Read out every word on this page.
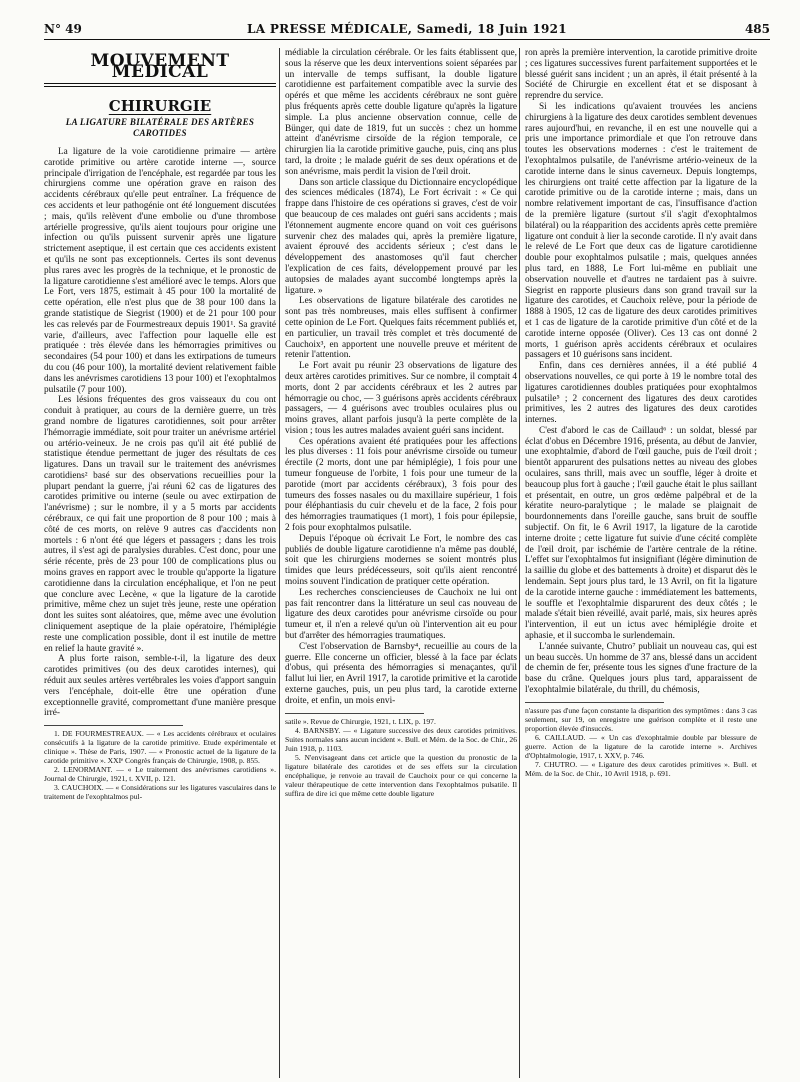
N° 49	LA PRESSE MÉDICALE, Samedi, 18 Juin 1921	485
MOUVEMENT MÉDICAL
CHIRURGIE
LA LIGATURE BILATÉRALE DES ARTÈRES CAROTIDES

La ligature de la voie carotidienne primaire — artère carotide primitive ou artère carotide interne —, source principale d'irrigation de l'encéphale, est regardée par tous les chirurgiens comme une opération grave en raison des accidents cérébraux qu'elle peut entraîner. La fréquence de ces accidents et leur pathogénie ont été longuement discutées ; mais, qu'ils relèvent d'une embolie ou d'une thrombose artérielle progressive, qu'ils aient toujours pour origine une infection ou qu'ils puissent survenir après une ligature strictement aseptique, il est certain que ces accidents existent et qu'ils ne sont pas exceptionnels. Certes ils sont devenus plus rares avec les progrès de la technique, et le pronostic de la ligature carotidienne s'est amélioré avec le temps. Alors que Le Fort, vers 1875, estimait à 45 pour 100 la mortalité de cette opération, elle n'est plus que de 38 pour 100 dans la grande statistique de Siegrist (1900) et de 21 pour 100 pour les cas relevés par de Fourmestreaux depuis 1901¹. Sa gravité varie, d'ailleurs, avec l'affection pour laquelle elle est pratiquée : très élevée dans les hémorragies primitives ou secondaires (54 pour 100) et dans les extirpations de tumeurs du cou (46 pour 100), la mortalité devient relativement faible dans les anévrismes carotidiens 13 pour 100) et l'exophtalmos pulsatile (7 pour 100).

Les lésions fréquentes des gros vaisseaux du cou ont conduit à pratiquer, au cours de la dernière guerre, un très grand nombre de ligatures carotidiennes, soit pour arrêter l'hémorragie immédiate, soit pour traiter un anévrisme artériel ou artério-veineux. Je ne crois pas qu'il ait été publié de statistique étendue permettant de juger des résultats de ces ligatures. Dans un travail sur le traitement des anévrismes carotidiens² basé sur des observations recueillies pour la plupart pendant la guerre, j'ai réuni 62 cas de ligatures des carotides primitive ou interne (seule ou avec extirpation de l'anévrisme) ; sur le nombre, il y a 5 morts par accidents cérébraux, ce qui fait une proportion de 8 pour 100 ; mais à côté de ces morts, on relève 9 autres cas d'accidents non mortels : 6 n'ont été que légers et passagers ; dans les trois autres, il s'est agi de paralysies durables. C'est donc, pour une série récente, près de 23 pour 100 de complications plus ou moins graves en rapport avec le trouble qu'apporte la ligature carotidienne dans la circulation encéphalique, et l'on ne peut que conclure avec Lecène, « que la ligature de la carotide primitive, même chez un sujet très jeune, reste une opération dont les suites sont aléatoires, que, même avec une évolution cliniquement aseptique de la plaie opératoire, l'hémiplégie reste une complication possible, dont il est inutile de mettre en relief la haute gravité ».

A plus forte raison, semble-t-il, la ligature des deux carotides primitives (ou des deux carotides internes), qui réduit aux seules artères vertébrales les voies d'apport sanguin vers l'encéphale, doit-elle être une opération d'une exceptionnelle gravité, compromettant d'une manière presque irré-

1. DE FOURMESTREAUX. — « Les accidents cérébraux et oculaires consécutifs à la ligature de la carotide primitive. Etude expérimentale et clinique ». Thèse de Paris, 1907. — « Pronostic actuel de la ligature de la carotide primitive ». XXIᵉ Congrès français de Chirurgie, 1908, p. 855.

2. LENORMANT. — « Le traitement des anévrismes carotidiens ». Journal de Chirurgie, 1921, t. XVII, p. 121.

3. CAUCHOIX. — « Considérations sur les ligatures vasculaires dans le traitement de l'exophtalmos pul-

médiable la circulation cérébrale. Or les faits établissent que, sous la réserve que les deux interventions soient séparées par un intervalle de temps suffisant, la double ligature carotidienne est parfaitement compatible avec la survie des opérés et que même les accidents cérébraux ne sont guère plus fréquents après cette double ligature qu'après la ligature simple. La plus ancienne observation connue, celle de Bünger, qui date de 1819, fut un succès : chez un homme atteint d'anévrisme cirsoïde de la région temporale, ce chirurgien lia la carotide primitive gauche, puis, cinq ans plus tard, la droite ; le malade guérit de ses deux opérations et de son anévrisme, mais perdit la vision de l'œil droit.

Dans son article classique du Dictionnaire encyclopédique des sciences médicales (1874), Le Fort écrivait : « Ce qui frappe dans l'histoire de ces opérations si graves, c'est de voir que beaucoup de ces malades ont guéri sans accidents ; mais l'étonnement augmente encore quand on voit ces guérisons survenir chez des malades qui, après la première ligature, avaient éprouvé des accidents sérieux ; c'est dans le développement des anastomoses qu'il faut chercher l'explication de ces faits, développement prouvé par les autopsies de malades ayant succombé longtemps après la ligature. »

Les observations de ligature bilatérale des carotides ne sont pas très nombreuses, mais elles suffisent à confirmer cette opinion de Le Fort. Quelques faits récemment publiés et, en particulier, un travail très complet et très documenté de Cauchoix³, en apportent une nouvelle preuve et méritent de retenir l'attention.

Le Fort avait pu réunir 23 observations de ligature des deux artères carotides primitives. Sur ce nombre, il comptait 4 morts, dont 2 par accidents cérébraux et les 2 autres par hémorragie ou choc, — 3 guérisons après accidents cérébraux passagers, — 4 guérisons avec troubles oculaires plus ou moins graves, allant parfois jusqu'à la perte complète de la vision ; tous les autres malades avaient guéri sans incident.

Ces opérations avaient été pratiquées pour les affections les plus diverses : 11 fois pour anévrisme cirsoïde ou tumeur érectile (2 morts, dont une par hémiplégie), 1 fois pour une tumeur fongueuse de l'orbite, 1 fois pour une tumeur de la parotide (mort par accidents cérébraux), 3 fois pour des tumeurs des fosses nasales ou du maxillaire supérieur, 1 fois pour éléphantiasis du cuir chevelu et de la face, 2 fois pour des hémorragies traumatiques (1 mort), 1 fois pour épilepsie, 2 fois pour exophtalmos pulsatile.

Depuis l'époque où écrivait Le Fort, le nombre des cas publiés de double ligature carotidienne n'a même pas doublé, soit que les chirurgiens modernes se soient montrés plus timides que leurs prédécesseurs, soit qu'ils aient rencontré moins souvent l'indication de pratiquer cette opération.

Les recherches consciencieuses de Cauchoix ne lui ont pas fait rencontrer dans la littérature un seul cas nouveau de ligature des deux carotides pour anévrisme cirsoïde ou pour tumeur et, il n'en a relevé qu'un où l'intervention ait eu pour but d'arrêter des hémorragies traumatiques.

C'est l'observation de Barnsby⁴, recueillie au cours de la guerre. Elle concerne un officier, blessé à la face par éclats d'obus, qui présenta des hémorragies si menaçantes, qu'il fallut lui lier, en Avril 1917, la carotide primitive et la carotide externe gauches, puis, un peu plus tard, la carotide externe droite, et enfin, un mois envi-

satile ». Revue de Chirurgie, 1921, t. LIX, p. 197.

4. BARNSBY. — « Ligature successive des deux carotides primitives. Suites normales sans aucun incident ». Bull. et Mém. de la Soc. de Chir., 26 Juin 1918, p. 1103.

5. N'envisageant dans cet article que la question du pronostic de la ligature bilatérale des carotides et de ses effets sur la circulation encéphalique, je renvoie au travail de Cauchoix pour ce qui concerne la valeur thérapeutique de cette intervention dans l'exophtalmos pulsatile. Il suffira de dire ici que même cette double ligature

ron après la première intervention, la carotide primitive droite ; ces ligatures successives furent parfaitement supportées et le blessé guérit sans incident ; un an après, il était présenté à la Société de Chirurgie en excellent état et se disposant à reprendre du service.

Si les indications qu'avaient trouvées les anciens chirurgiens à la ligature des deux carotides semblent devenues rares aujourd'hui, en revanche, il en est une nouvelle qui a pris une importance primordiale et que l'on retrouve dans toutes les observations modernes : c'est le traitement de l'exophtalmos pulsatile, de l'anévrisme artério-veineux de la carotide interne dans le sinus caverneux. Depuis longtemps, les chirurgiens ont traité cette affection par la ligature de la carotide primitive ou de la carotide interne ; mais, dans un nombre relativement important de cas, l'insuffisance d'action de la première ligature (surtout s'il s'agit d'exophtalmos bilatéral) ou la réapparition des accidents après cette première ligature ont conduit à lier la seconde carotide. Il n'y avait dans le relevé de Le Fort que deux cas de ligature carotidienne double pour exophtalmos pulsatile ; mais, quelques années plus tard, en 1888, Le Fort lui-même en publiait une observation nouvelle et d'autres ne tardaient pas à suivre. Siegrist en rapporte plusieurs dans son grand travail sur la ligature des carotides, et Cauchoix relève, pour la période de 1888 à 1905, 12 cas de ligature des deux carotides primitives et 1 cas de ligature de la carotide primitive d'un côté et de la carotide interne opposée (Oliver). Ces 13 cas ont donné 2 morts, 1 guérison après accidents cérébraux et oculaires passagers et 10 guérisons sans incident.

Enfin, dans ces dernières années, il a été publié 4 observations nouvelles, ce qui porte à 19 le nombre total des ligatures carotidiennes doubles pratiquées pour exophtalmos pulsatile⁵ ; 2 concernent des ligatures des deux carotides primitives, les 2 autres des ligatures des deux carotides internes.

C'est d'abord le cas de Caillaud⁶ : un soldat, blessé par éclat d'obus en Décembre 1916, présenta, au début de Janvier, une exophtalmie, d'abord de l'œil gauche, puis de l'œil droit ; bientôt apparurent des pulsations nettes au niveau des globes oculaires, sans thrill, mais avec un souffle, léger à droite et beaucoup plus fort à gauche ; l'œil gauche était le plus saillant et présentait, en outre, un gros œdème palpébral et de la kératite neuro-paralytique ; le malade se plaignait de bourdonnements dans l'oreille gauche, sans bruit de souffle subjectif. On fit, le 6 Avril 1917, la ligature de la carotide interne droite ; cette ligature fut suivie d'une cécité complète de l'œil droit, par ischémie de l'artère centrale de la rétine. L'effet sur l'exophtalmos fut insignifiant (légère diminution de la saillie du globe et des battements à droite) et disparut dès le lendemain. Sept jours plus tard, le 13 Avril, on fit la ligature de la carotide interne gauche : immédiatement les battements, le souffle et l'exophtalmie disparurent des deux côtés ; le malade s'était bien réveillé, avait parlé, mais, six heures après l'intervention, il eut un ictus avec hémiplégie droite et aphasie, et il succomba le surlendemain.

L'année suivante, Chutro⁷ publiait un nouveau cas, qui est un beau succès. Un homme de 37 ans, blessé dans un accident de chemin de fer, présente tous les signes d'une fracture de la base du crâne. Quelques jours plus tard, apparaissent de l'exophtalmie bilatérale, du thrill, du chémosis,

n'assure pas d'une façon constante la disparition des symptômes : dans 3 cas seulement, sur 19, on enregistre une guérison complète et il reste une proportion élevée d'insuccès.

6. CAILLAUD. — « Un cas d'exophtalmie double par blessure de guerre. Action de la ligature de la carotide interne ». Archives d'Ophtalmologie, 1917, t. XXV, p. 746.

7. CHUTRO. — « Ligature des deux carotides primitives ». Bull. et Mém. de la Soc. de Chir., 10 Avril 1918, p. 691.
